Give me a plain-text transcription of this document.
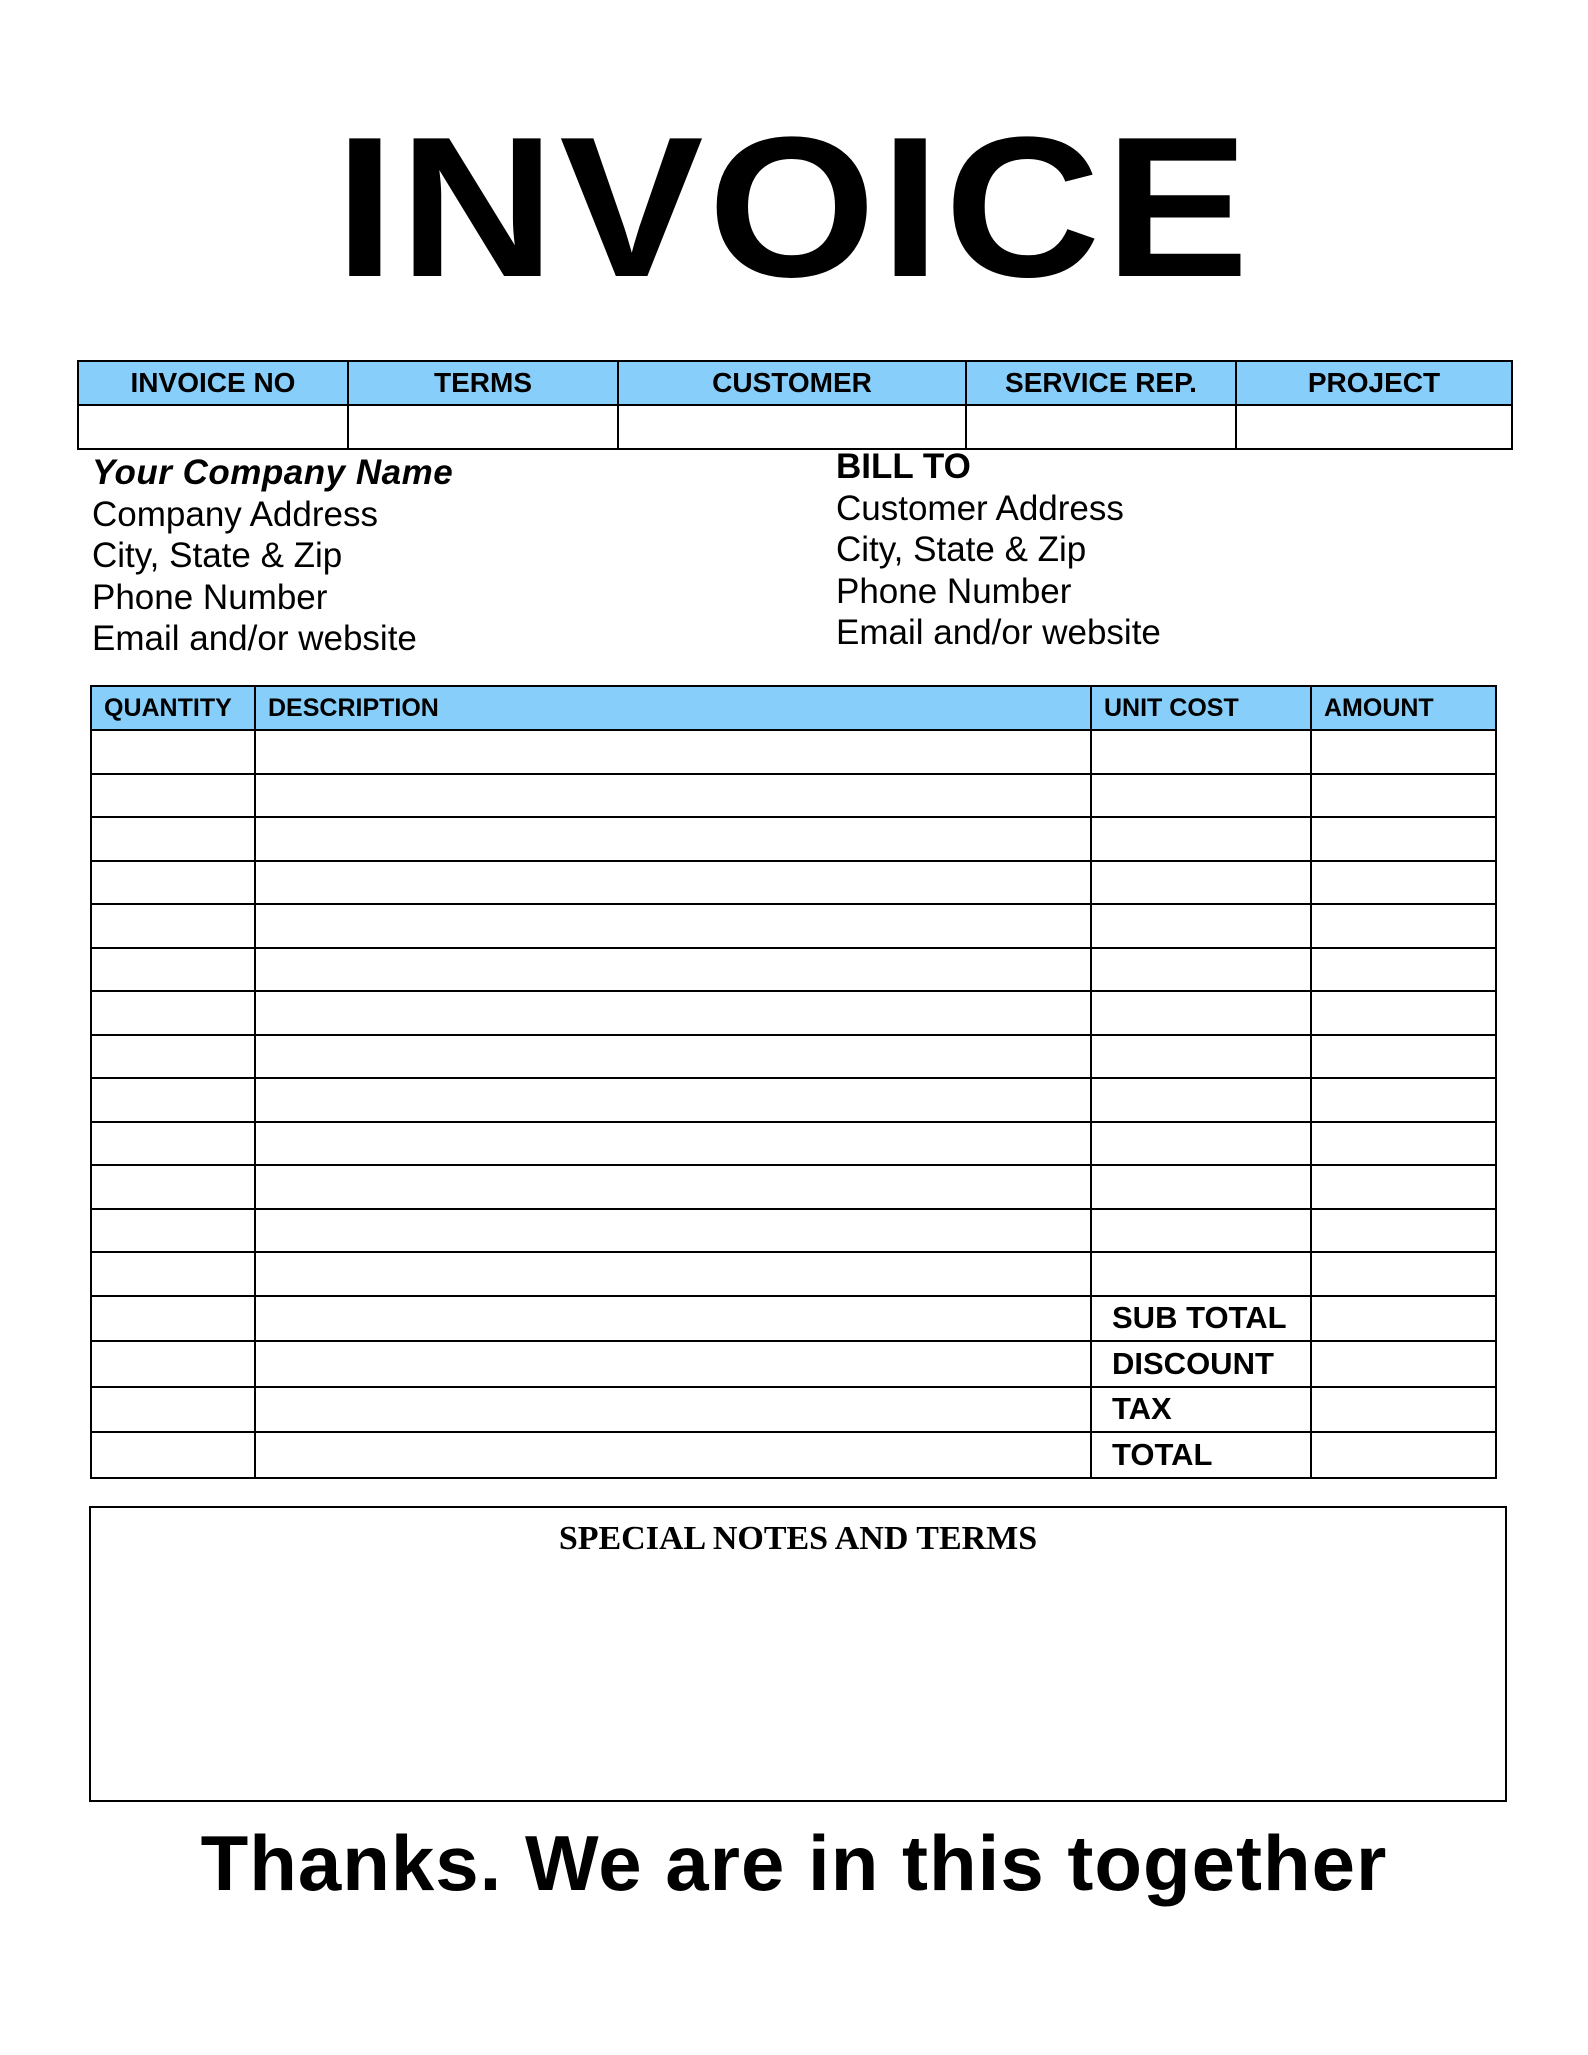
INVOICE
INVOICE NO	TERMS	CUSTOMER	SERVICE REP.	PROJECT

Your Company Name
Company Address
City, State & Zip
Phone Number
Email and/or website
BILL TO
Customer Address
City, State & Zip
Phone Number
Email and/or website
QUANTITY	DESCRIPTION	UNIT COST	AMOUNT

		SUB TOTAL	
		DISCOUNT	
		TAX	
		TOTAL	
SPECIAL NOTES AND TERMS
Thanks. We are in this together
